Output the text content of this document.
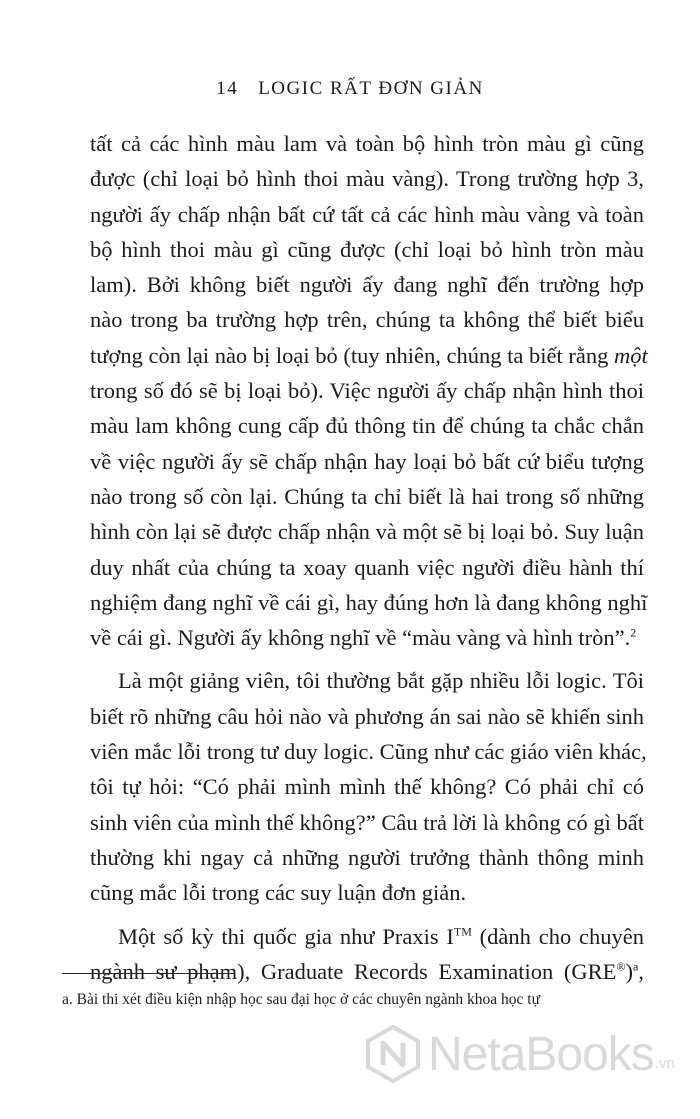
14 LOGIC RẤT ĐƠN GIẢN
tất cả các hình màu lam và toàn bộ hình tròn màu gì cũng
được (chỉ loại bỏ hình thoi màu vàng). Trong trường hợp 3,
người ấy chấp nhận bất cứ tất cả các hình màu vàng và toàn
bộ hình thoi màu gì cũng được (chỉ loại bỏ hình tròn màu
lam). Bởi không biết người ấy đang nghĩ đến trường hợp
nào trong ba trường hợp trên, chúng ta không thể biết biểu
tượng còn lại nào bị loại bỏ (tuy nhiên, chúng ta biết rằng một
trong số đó sẽ bị loại bỏ). Việc người ấy chấp nhận hình thoi
màu lam không cung cấp đủ thông tin để chúng ta chắc chắn
về việc người ấy sẽ chấp nhận hay loại bỏ bất cứ biểu tượng
nào trong số còn lại. Chúng ta chỉ biết là hai trong số những
hình còn lại sẽ được chấp nhận và một sẽ bị loại bỏ. Suy luận
duy nhất của chúng ta xoay quanh việc người điều hành thí
nghiệm đang nghĩ về cái gì, hay đúng hơn là đang không nghĩ
về cái gì. Người ấy không nghĩ về “màu vàng và hình tròn”.$^2$
Là một giảng viên, tôi thường bắt gặp nhiều lỗi logic. Tôi
biết rõ những câu hỏi nào và phương án sai nào sẽ khiến sinh
viên mắc lỗi trong tư duy logic. Cũng như các giáo viên khác,
tôi tự hỏi: “Có phải mình mình thế không? Có phải chỉ có
sinh viên của mình thế không?” Câu trả lời là không có gì bất
thường khi ngay cả những người trưởng thành thông minh
cũng mắc lỗi trong các suy luận đơn giản.
Một số kỳ thi quốc gia như Praxis I™ (dành cho chuyên
ngành sư phạm), Graduate Records Examination $(GRE®)^a$,
a. Bài thi xét điều kiện nhập học sau đại học ở các chuyên ngành khoa học tự
NetaBooks .vn
